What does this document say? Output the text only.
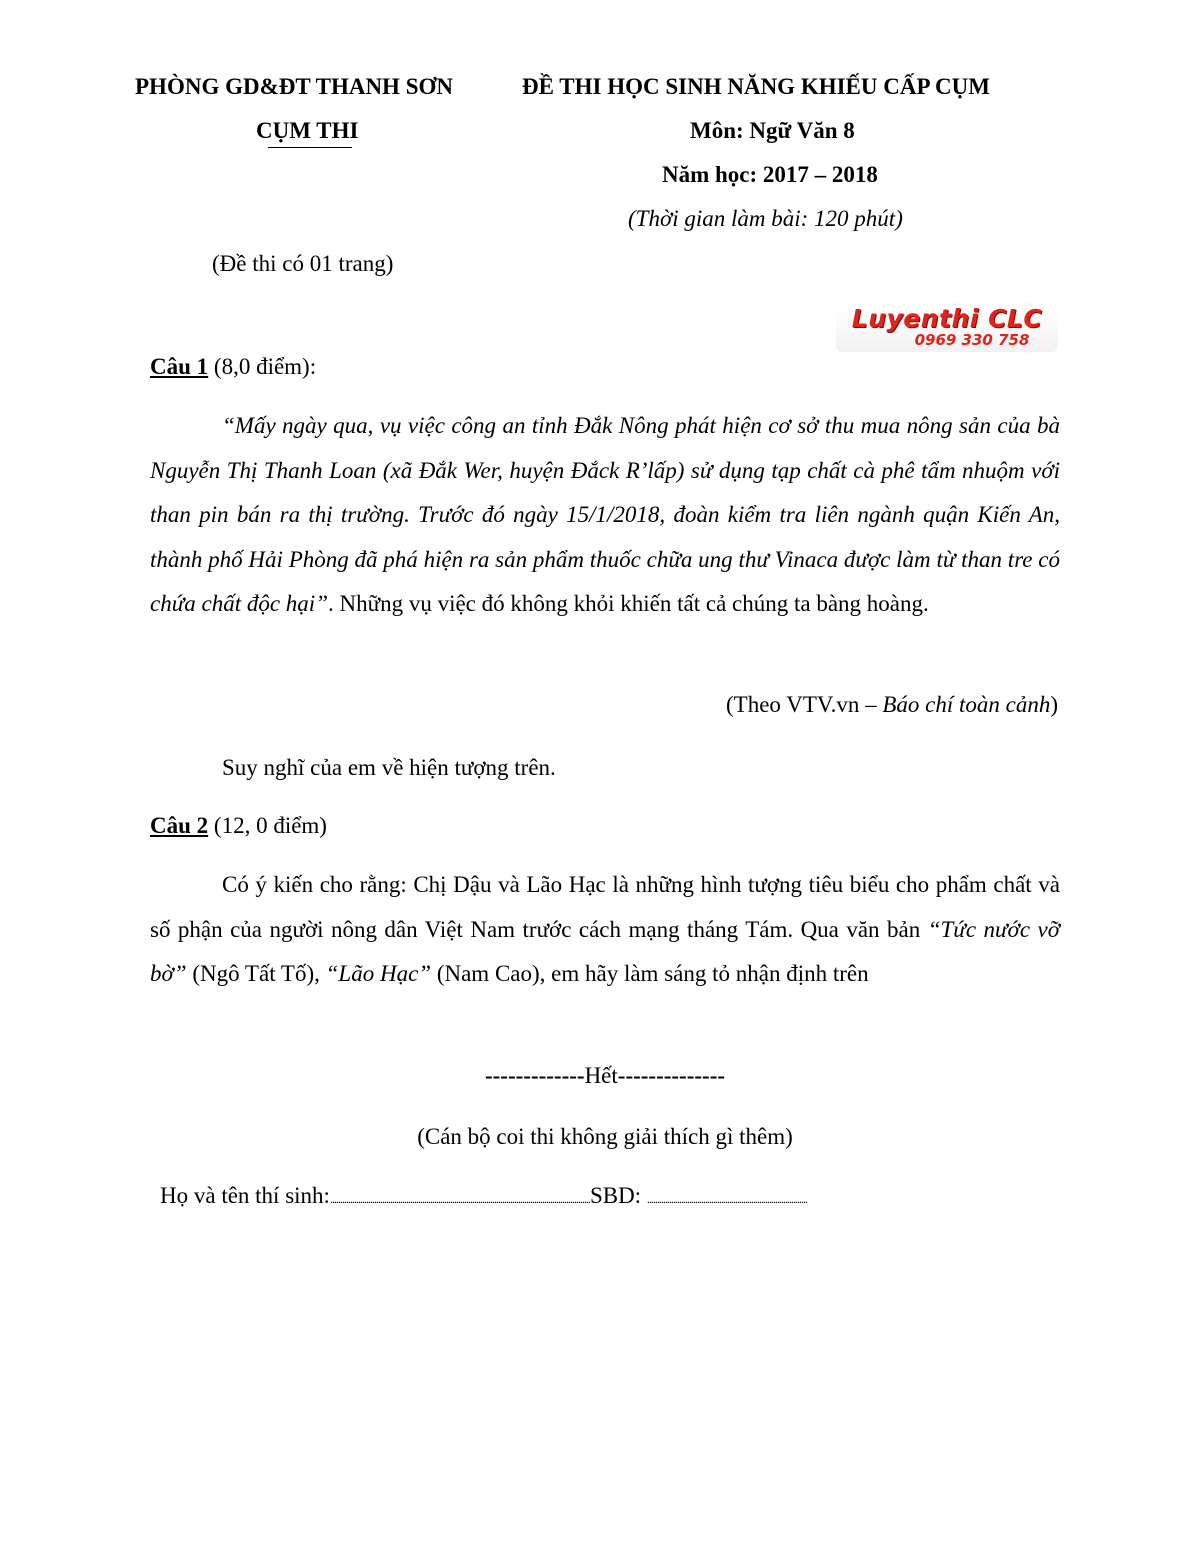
PHÒNG GD&ĐT THANH SƠN
CỤM THI
ĐỀ THI HỌC SINH NĂNG KHIẾU CẤP CỤM
Môn: Ngữ Văn 8
Năm học: 2017 – 2018
(Thời gian làm bài: 120 phút)
(Đề thi có 01 trang)
Luyenthi CLC
0969 330 758
Câu 1 (8,0 điểm):
“Mấy ngày qua, vụ việc công an tỉnh Đắk Nông phát hiện cơ sở thu mua nông sản của bà Nguyễn Thị Thanh Loan (xã Đắk Wer, huyện Đắck R’lấp) sử dụng tạp chất cà phê tẩm nhuộm với than pin bán ra thị trường. Trước đó ngày 15/1/2018, đoàn kiểm tra liên ngành quận Kiến An, thành phố Hải Phòng đã phá hiện ra sản phẩm thuốc chữa ung thư Vinaca được làm từ than tre có chứa chất độc hại”. Những vụ việc đó không khỏi khiến tất cả chúng ta bàng hoàng.
(Theo VTV.vn – Báo chí toàn cảnh)
Suy nghĩ của em về hiện tượng trên.
Câu 2 (12, 0 điểm)
Có ý kiến cho rằng: Chị Dậu và Lão Hạc là những hình tượng tiêu biểu cho phẩm chất và số phận của người nông dân Việt Nam trước cách mạng tháng Tám. Qua văn bản “Tức nước vỡ bờ” (Ngô Tất Tố), “Lão Hạc” (Nam Cao), em hãy làm sáng tỏ nhận định trên
-------------Hết--------------
(Cán bộ coi thi không giải thích gì thêm)
Họ và tên thí sinh:..................................................................................................................................SBD: ................................................................................
